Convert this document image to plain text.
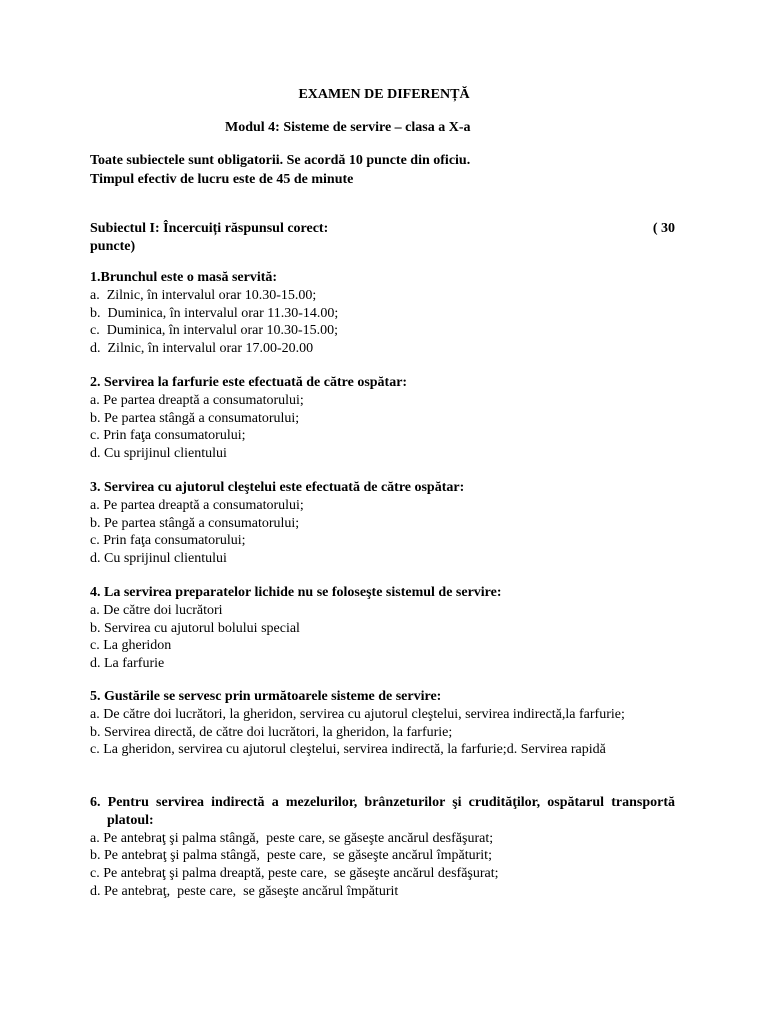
EXAMEN DE DIFERENȚĂ
Modul 4: Sisteme de servire – clasa a X-a
Toate subiectele sunt obligatorii. Se acordă 10 puncte din oficiu.
Timpul efectiv de lucru este de 45 de minute
Subiectul I: Încercuiți răspunsul corect:	( 30
puncte)
1.Brunchul este o masă servită:
a.  Zilnic, în intervalul orar 10.30-15.00;
b.  Duminica, în intervalul orar 11.30-14.00;
c.  Duminica, în intervalul orar 10.30-15.00;
d.  Zilnic, în intervalul orar 17.00-20.00
2. Servirea la farfurie este efectuată de către ospătar:
a. Pe partea dreaptă a consumatorului;
b. Pe partea stângă a consumatorului;
c. Prin faţa consumatorului;
d. Cu sprijinul clientului
3. Servirea cu ajutorul cleştelui este efectuată de către ospătar:
a. Pe partea dreaptă a consumatorului;
b. Pe partea stângă a consumatorului;
c. Prin faţa consumatorului;
d. Cu sprijinul clientului
4. La servirea preparatelor lichide nu se foloseşte sistemul de servire:
a. De către doi lucrători
b. Servirea cu ajutorul bolului special
c. La gheridon
d. La farfurie
5. Gustările se servesc prin următoarele sisteme de servire:
a. De către doi lucrători, la gheridon, servirea cu ajutorul cleştelui, servirea indirectă,la farfurie;
b. Servirea directă, de către doi lucrători, la gheridon, la farfurie;
c. La gheridon, servirea cu ajutorul cleştelui, servirea indirectă, la farfurie;d. Servirea rapidă
6. Pentru servirea indirectă a mezelurilor, brânzeturilor şi crudităţilor, ospătarul transportă platoul:
a. Pe antebraţ şi palma stângă,  peste care, se găseşte ancărul desfăşurat;
b. Pe antebraţ şi palma stângă,  peste care,  se găseşte ancărul împăturit;
c. Pe antebraţ şi palma dreaptă, peste care,  se găseşte ancărul desfăşurat;
d. Pe antebraţ,  peste care,  se găseşte ancărul împăturit
